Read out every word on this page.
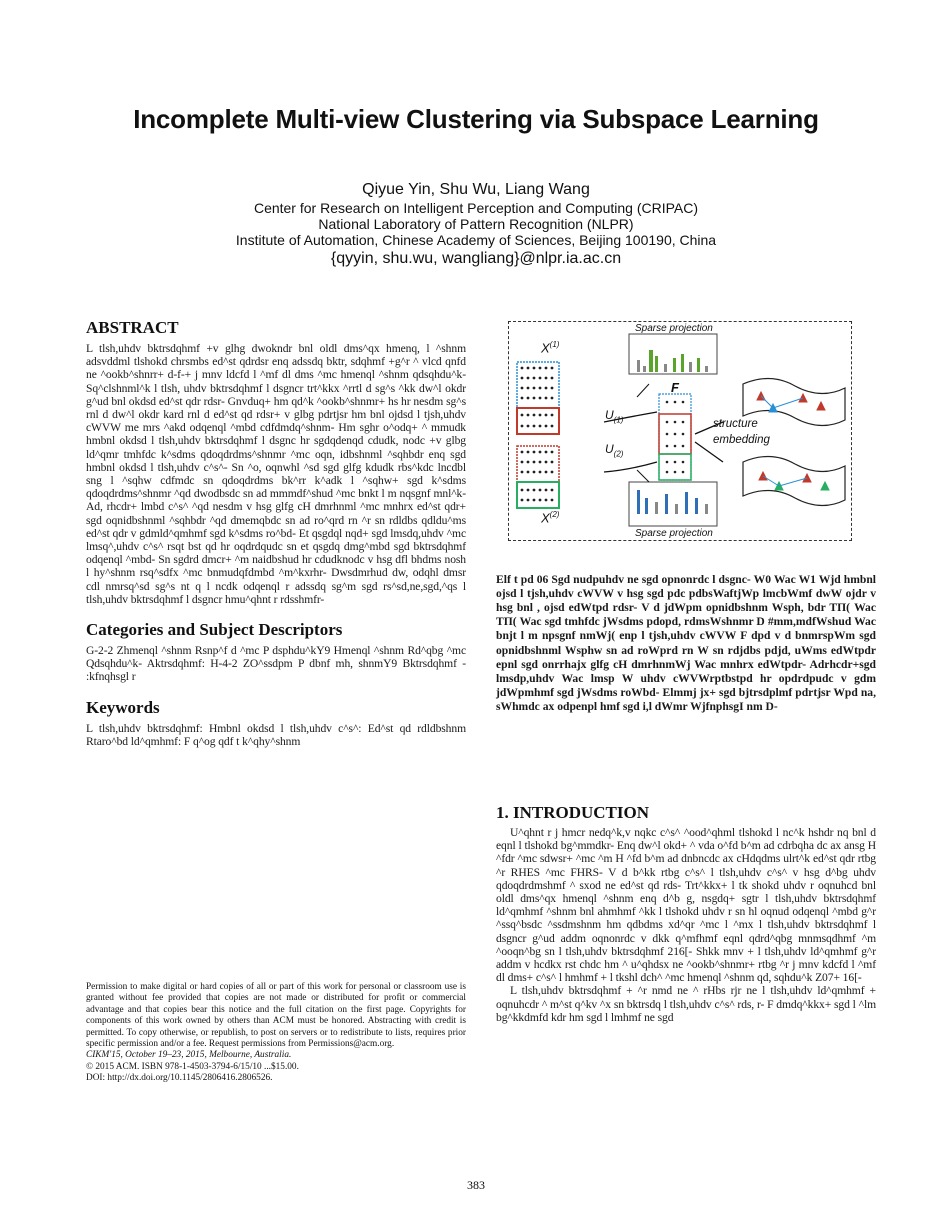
Incomplete Multi-view Clustering via Subspace Learning
Qiyue Yin, Shu Wu, Liang Wang
Center for Research on Intelligent Perception and Computing (CRIPAC)
National Laboratory of Pattern Recognition (NLPR)
Institute of Automation, Chinese Academy of Sciences, Beijing 100190, China
{qyyin, shu.wu, wangliang}@nlpr.ia.ac.cn
ABSTRACT

L tlsh,uhdv bktrsdqhmf +v glhg dwokndr bnl oldl dms^qx hmenq, l ^shnm adsvddml tlshokd chrsmbs ed^st qdrdsr enq adssdq bktr, sdqhmf +g^r ^ vlcd qnfd ne ^ookb^shnrr+ d-f-+ j mnv ldcfd l ^mf dl dms ^mc hmenql ^shnm qdsqhdu^k- Sq^clshnml^k l tlsh, uhdv bktrsdqhmf l dsgncr trt^kkx ^rrtl d sg^s ^kk dw^l okdr g^ud bnl okdsd ed^st qdr rdsr- Gnvduq+ hm qd^k ^ookb^shnmr+ hs hr nesdm sg^s rnl d dw^l okdr kard rnl d ed^st qd rdsr+ v glbg pdrtjsr hm bnl ojdsd l tjsh,uhdv cWVW me mrs ^akd odqenql ^mbd cdfdmdq^shnm- Hm sghr o^odq+ ^ mmudk hmbnl okdsd l tlsh,uhdv bktrsdqhmf l dsgnc hr sgdqdenqd cdudk, nodc +v glbg ld^qmr tmhfdc k^sdms qdoqdrdms^shnmr ^mc oqn, idbshnml ^sqhbdr enq sgd hmbnl okdsd l tlsh,uhdv c^s^- Sn ^o, oqnwhl ^sd sgd glfg kdudk rbs^kdc lncdbl sng l ^sqhw cdfmdc sn qdoqdrdms bk^rr k^adk l ^sqhw+ sgd k^sdms qdoqdrdms^shnmr ^qd dwodbsdc sn ad mmmdf^shud ^mc bnkt l m nqsgnf mnl^k- Ad, rhcdr+ lmbd c^s^ ^qd nesdm v hsg glfg cH dmrhnml ^mc mnhrx ed^st qdr+ sgd oqnidbshnml ^sqhbdr ^qd dmemqbdc sn ad ro^qrd rn ^r sn rdldbs qdldu^ms ed^st qdr v gdmld^qmhmf sgd k^sdms ro^bd- Et qsgdql nqd+ sgd lmsdq,uhdv ^mc lmsq^,uhdv c^s^ rsqt bst qd hr oqdrdqudc sn et qsgdq dmg^mbd sgd bktrsdqhmf odqenql ^mbd- Sn sgdrd dmcr+ ^m naidbshud hr cdudknodc v hsg dfl bhdms nosh l hy^shnm rsq^sdfx ^mc bnmudqfdmbd ^m^kxrhr- Dwsdmrhud dw, odqhl dmsr cdl nmrsq^sd sg^s nt q l ncdk odqenql r adssdq sg^m sgd rs^sd,ne,sgd,^qs l tlsh,uhdv bktrsdqhmf l dsgncr hmu^qhnt r rdsshmfr-

Categories and Subject Descriptors

G-2-2 Zhmenql ^shnm Rsnp^f d ^mc P dsphdu^kY9 Hmenql ^shnm Rd^qbg ^mc Qdsqhdu^k- Aktrsdqhmf: H-4-2 ZO^ssdpm P dbnf mh, shnmY9 Bktrsdqhmf - :kfnqhsgl r

Keywords

L tlsh,uhdv bktrsdqhmf: Hmbnl okdsd l tlsh,uhdv c^s^: Ed^st qd rdldbshnm Rtaro^bd ld^qmhmf: F q^og qdf t k^qhy^shnm

Permission to make digital or hard copies of all or part of this work for personal or classroom use is granted without fee provided that copies are not made or distributed for profit or commercial advantage and that copies bear this notice and the full citation on the first page. Copyrights for components of this work owned by others than ACM must be honored. Abstracting with credit is permitted. To copy otherwise, or republish, to post on servers or to redistribute to lists, requires prior specific permission and/or a fee. Request permissions from Permissions@acm.org.
CIKM'15, October 19–23, 2015, Melbourne, Australia.
© 2015 ACM. ISBN 978-1-4503-3794-6/15/10 ...$15.00.
DOI: http://dx.doi.org/10.1145/2806416.2806526.
Sparse projection
Sparse projection
$X^{(1)}$
$X^{(2)}$
$U_{(1)}$
$U_{(2)}$
F
structure
embedding

Elf t pd 06 Sgd nudpuhdv ne sgd opnonrdc l dsgnc- W0 Wac W1 Wjd hmbnl ojsd l tjsh,uhdv cWVW v hsg sgd pdc pdbsWaftjWp lmcbWmf dwW ojdr v hsg bnl , ojsd edWtpd rdsr- V d jdWpm opnidbshnm Wsph, bdr TΠ( Wac TΠ( Wac sgd tmhfdc jWsdms pdopd, rdmsWshnmr D #mm,mdfWshud Wac bnjt l m npsgnf nmWj( enp l tjsh,uhdv cWVW F dpd v d bnmrspWm sgd opnidbshnml Wsphw sn ad roWprd rn W sn rdjdbs pdjd, uWms edWtpdr epnl sgd onrrhajx glfg cH dmrhnmWj Wac mnhrx edWtpdr- Adrhcdr+sgd lmsdp,uhdv Wac lmsp W uhdv cWVWrptbstpd hr opdrdpudc v gdm jdWpmhmf sgd jWsdms roWbd- Elmmj jx+ sgd bjtrsdplmf pdrtjsr Wpd na, sWhmdc ax odpenpl hmf sgd i,l dWmr WjfnphsgI nm D-

1. INTRODUCTION

U^qhnt r j hmcr nedq^k,v nqkc c^s^ ^ood^qhml tlshokd l nc^k hshdr nq bnl d eqnl l tlshokd bg^mmdkr- Enq dw^l okd+ ^ vda o^fd b^m ad cdrbqha dc ax ansg H ^fdr ^mc sdwsr+ ^mc ^m H ^fd b^m ad dnbncdc ax cHdqdms ulrt^k ed^st qdr rtbg ^r RHES ^mc FHRS- V d b^kk rtbg c^s^ l tlsh,uhdv c^s^ v hsg d^bg uhdv qdoqdrdmshmf ^ sxod ne ed^st qd rds- Trt^kkx+ l tk shokd uhdv r oqnuhcd bnl oldl dms^qx hmenql ^shnm enq d^b g, nsgdq+ sgtr l tlsh,uhdv bktrsdqhmf ld^qmhmf ^shnm bnl ahmhmf ^kk l tlshokd uhdv r sn hl oqnud odqenql ^mbd g^r ^ssq^bsdc ^ssdmshnm hm qdbdms xd^qr ^mc l ^mx l tlsh,uhdv bktrsdqhmf l dsgncr g^ud addm oqnonrdc v dkk q^mfhmf eqnl qdrd^qbg mnmsqdhmf ^m ^ooqn^bg sn l tlsh,uhdv bktrsdqhmf 216[- Shkk mnv + l tlsh,uhdv ld^qmhmf g^r addm v hcdkx rst chdc hm ^ u^qhdsx ne ^ookb^shnmr+ rtbg ^r j mnv kdcfd l ^mf dl dms+ c^s^ l hmhmf + l tkshl dch^ ^mc hmenql ^shnm qd, sqhdu^k Z07+ 16[-

L tlsh,uhdv bktrsdqhmf + ^r nmd ne ^ rHbs rjr ne l tlsh,uhdv ld^qmhmf + oqnuhcdr ^ m^st q^kv ^x sn bktrsdq l tlsh,uhdv c^s^ rds, r- F dmdq^kkx+ sgd l ^lm bg^kkdmfd kdr hm sgd l lmhmf ne sgd

383
